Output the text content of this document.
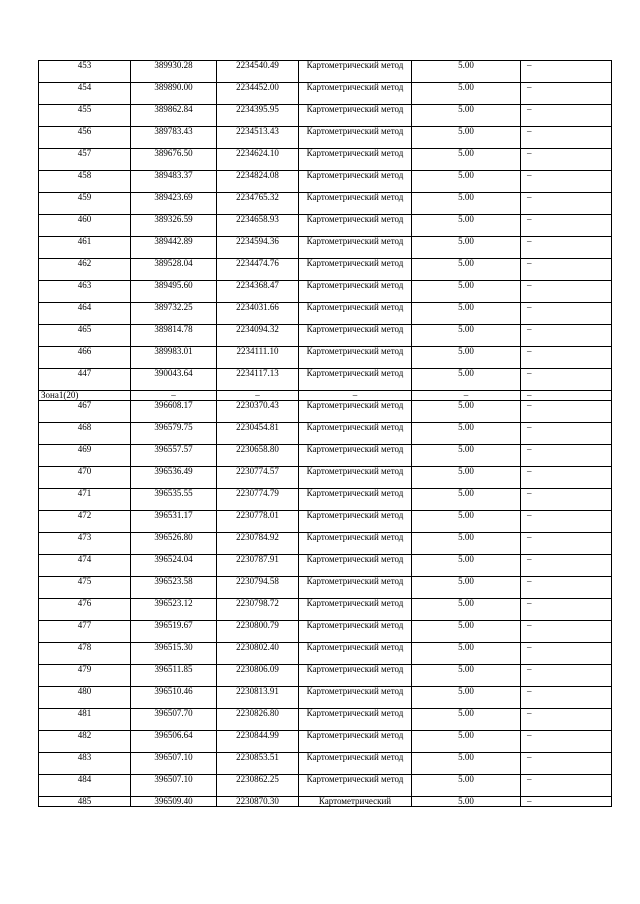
453	389930.28	2234540.49	Картометрический метод	5.00	–
454	389890.00	2234452.00	Картометрический метод	5.00	–
455	389862.84	2234395.95	Картометрический метод	5.00	–
456	389783.43	2234513.43	Картометрический метод	5.00	–
457	389676.50	2234624.10	Картометрический метод	5.00	–
458	389483.37	2234824.08	Картометрический метод	5.00	–
459	389423.69	2234765.32	Картометрический метод	5.00	–
460	389326.59	2234658.93	Картометрический метод	5.00	–
461	389442.89	2234594.36	Картометрический метод	5.00	–
462	389528.04	2234474.76	Картометрический метод	5.00	–
463	389495.60	2234368.47	Картометрический метод	5.00	–
464	389732.25	2234031.66	Картометрический метод	5.00	–
465	389814.78	2234094.32	Картометрический метод	5.00	–
466	389983.01	2234111.10	Картометрический метод	5.00	–
447	390043.64	2234117.13	Картометрический метод	5.00	–
Зона1(20)	–	–	–	–	–
467	396608.17	2230370.43	Картометрический метод	5.00	–
468	396579.75	2230454.81	Картометрический метод	5.00	–
469	396557.57	2230658.80	Картометрический метод	5.00	–
470	396536.49	2230774.57	Картометрический метод	5.00	–
471	396535.55	2230774.79	Картометрический метод	5.00	–
472	396531.17	2230778.01	Картометрический метод	5.00	–
473	396526.80	2230784.92	Картометрический метод	5.00	–
474	396524.04	2230787.91	Картометрический метод	5.00	–
475	396523.58	2230794.58	Картометрический метод	5.00	–
476	396523.12	2230798.72	Картометрический метод	5.00	–
477	396519.67	2230800.79	Картометрический метод	5.00	–
478	396515.30	2230802.40	Картометрический метод	5.00	–
479	396511.85	2230806.09	Картометрический метод	5.00	–
480	396510.46	2230813.91	Картометрический метод	5.00	–
481	396507.70	2230826.80	Картометрический метод	5.00	–
482	396506.64	2230844.99	Картометрический метод	5.00	–
483	396507.10	2230853.51	Картометрический метод	5.00	–
484	396507.10	2230862.25	Картометрический метод	5.00	–
485	396509.40	2230870.30	Картометрический	5.00	–
